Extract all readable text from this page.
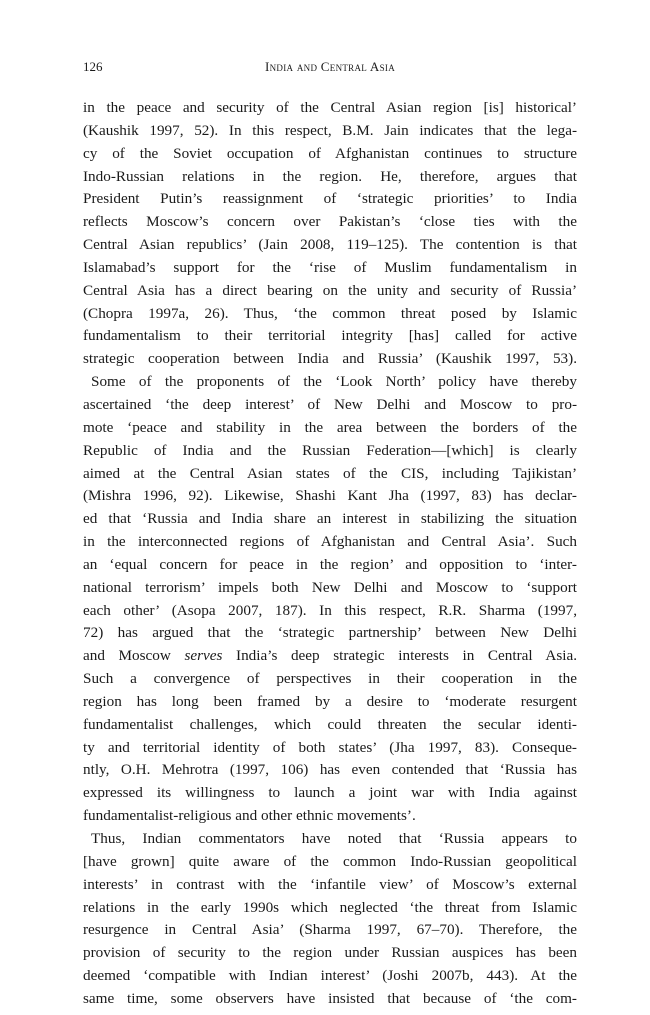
126	India and Central Asia
in the peace and security of the Central Asian region [is] historical’
(Kaushik 1997, 52). In this respect, B.M. Jain indicates that the lega-
cy of the Soviet occupation of Afghanistan continues to structure
Indo-Russian relations in the region. He, therefore, argues that
President Putin’s reassignment of ‘strategic priorities’ to India
reflects Moscow’s concern over Pakistan’s ‘close ties with the
Central Asian republics’ (Jain 2008, 119–125). The contention is that
Islamabad’s support for the ‘rise of Muslim fundamentalism in
Central Asia has a direct bearing on the unity and security of Russia’
(Chopra 1997a, 26). Thus, ‘the common threat posed by Islamic
fundamentalism to their territorial integrity [has] called for active
strategic cooperation between India and Russia’ (Kaushik 1997, 53).
Some of the proponents of the ‘Look North’ policy have thereby
ascertained ‘the deep interest’ of New Delhi and Moscow to pro-
mote ‘peace and stability in the area between the borders of the
Republic of India and the Russian Federation—[which] is clearly
aimed at the Central Asian states of the CIS, including Tajikistan’
(Mishra 1996, 92). Likewise, Shashi Kant Jha (1997, 83) has declar-
ed that ‘Russia and India share an interest in stabilizing the situation
in the interconnected regions of Afghanistan and Central Asia’. Such
an ‘equal concern for peace in the region’ and opposition to ‘inter-
national terrorism’ impels both New Delhi and Moscow to ‘support
each other’ (Asopa 2007, 187). In this respect, R.R. Sharma (1997,
72) has argued that the ‘strategic partnership’ between New Delhi
and Moscow serves India’s deep strategic interests in Central Asia.
Such a convergence of perspectives in their cooperation in the
region has long been framed by a desire to ‘moderate resurgent
fundamentalist challenges, which could threaten the secular identi-
ty and territorial identity of both states’ (Jha 1997, 83). Conseque-
ntly, O.H. Mehrotra (1997, 106) has even contended that ‘Russia has
expressed its willingness to launch a joint war with India against
fundamentalist-religious and other ethnic movements’.
Thus, Indian commentators have noted that ‘Russia appears to
[have grown] quite aware of the common Indo-Russian geopolitical
interests’ in contrast with the ‘infantile view’ of Moscow’s external
relations in the early 1990s which neglected ‘the threat from Islamic
resurgence in Central Asia’ (Sharma 1997, 67–70). Therefore, the
provision of security to the region under Russian auspices has been
deemed ‘compatible with Indian interest’ (Joshi 2007b, 443). At the
same time, some observers have insisted that because of ‘the com-
